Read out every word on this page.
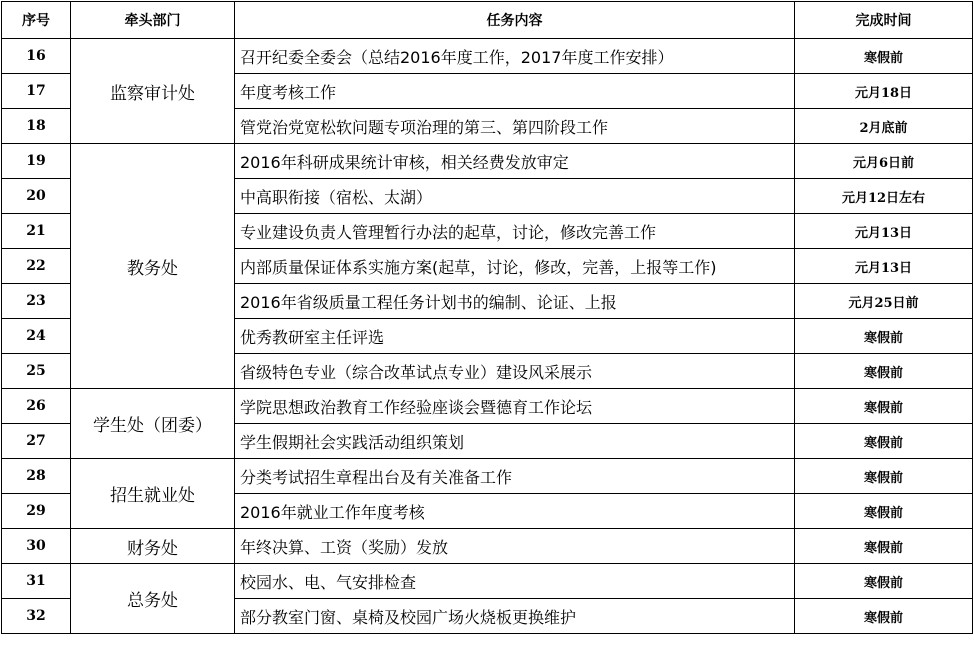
序号	牵头部门	任务内容	完成时间
16	监察审计处	召开纪委全委会（总结2016年度工作，2017年度工作安排）	寒假前
17		年度考核工作	元月18日
18		管党治党宽松软问题专项治理的第三、第四阶段工作	2月底前
19	教务处	2016年科研成果统计审核，相关经费发放审定	元月6日前
20		中高职衔接（宿松、太湖）	元月12日左右
21		专业建设负责人管理暂行办法的起草，讨论，修改完善工作	元月13日
22		内部质量保证体系实施方案(起草，讨论，修改，完善，上报等工作)	元月13日
23		2016年省级质量工程任务计划书的编制、论证、上报	元月25日前
24		优秀教研室主任评选	寒假前
25		省级特色专业（综合改革试点专业）建设风采展示	寒假前
26	学生处（团委）	学院思想政治教育工作经验座谈会暨德育工作论坛	寒假前
27		学生假期社会实践活动组织策划	寒假前
28	招生就业处	分类考试招生章程出台及有关准备工作	寒假前
29		2016年就业工作年度考核	寒假前
30	财务处	年终决算、工资（奖励）发放	寒假前
31	总务处	校园水、电、气安排检查	寒假前
32		部分教室门窗、桌椅及校园广场火烧板更换维护	寒假前
